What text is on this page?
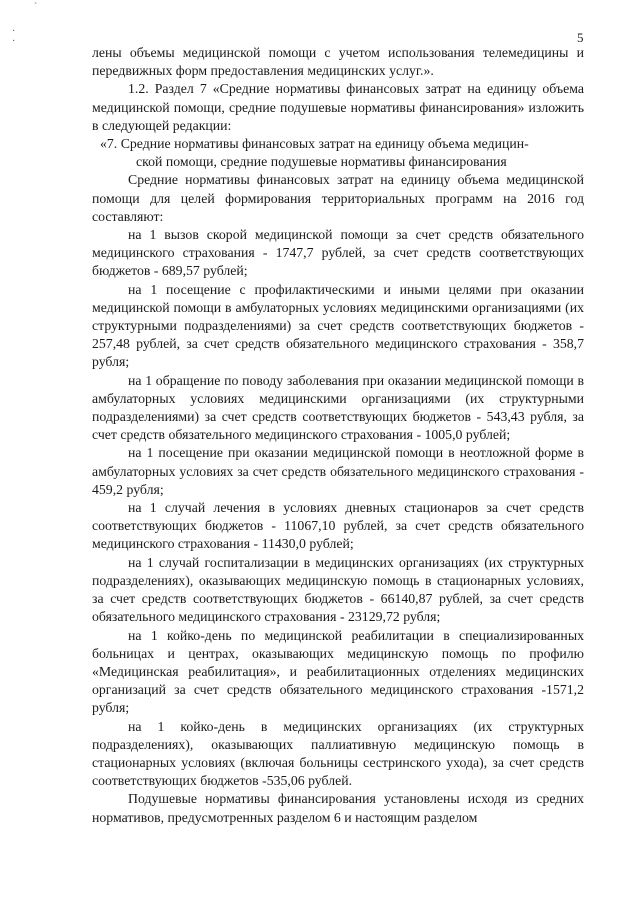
`
·
·	5

лены объемы медицинской помощи с учетом использования телемедицины и передвижных форм предоставления медицинских услуг.».

1.2. Раздел 7 «Средние нормативы финансовых затрат на единицу объема медицинской помощи, средние подушевые нормативы финансирования» изложить в следующей редакции:

«7. Средние нормативы финансовых затрат на единицу объема медицин-
ской помощи, средние подушевые нормативы финансирования

Средние нормативы финансовых затрат на единицу объема медицинской помощи для целей формирования территориальных программ на 2016 год составляют:

на 1 вызов скорой медицинской помощи за счет средств обязательного медицинского страхования - 1747,7 рублей, за счет средств соответствующих бюджетов - 689,57 рублей;

на 1 посещение с профилактическими и иными целями при оказании медицинской помощи в амбулаторных условиях медицинскими организациями (их структурными подразделениями) за счет средств соответствующих бюджетов - 257,48 рублей, за счет средств обязательного медицинского страхования - 358,7 рубля;

на 1 обращение по поводу заболевания при оказании медицинской помощи в амбулаторных условиях медицинскими организациями (их структурными подразделениями) за счет средств соответствующих бюджетов - 543,43 рубля, за счет средств обязательного медицинского страхования - 1005,0 рублей;

на 1 посещение при оказании медицинской помощи в неотложной форме в амбулаторных условиях за счет средств обязательного медицинского страхования - 459,2 рубля;

на 1 случай лечения в условиях дневных стационаров за счет средств соответствующих бюджетов - 11067,10 рублей, за счет средств обязательного медицинского страхования - 11430,0 рублей;

на 1 случай госпитализации в медицинских организациях (их структурных подразделениях), оказывающих медицинскую помощь в стационарных условиях, за счет средств соответствующих бюджетов - 66140,87 рублей, за счет средств обязательного медицинского страхования - 23129,72 рубля;

на 1 койко-день по медицинской реабилитации в специализированных больницах и центрах, оказывающих медицинскую помощь по профилю «Медицинская реабилитация», и реабилитационных отделениях медицинских организаций за счет средств обязательного медицинского страхования -1571,2 рубля;

на 1 койко-день в медицинских организациях (их структурных подразделениях), оказывающих паллиативную медицинскую помощь в стационарных условиях (включая больницы сестринского ухода), за счет средств соответствующих бюджетов -535,06 рублей.

Подушевые нормативы финансирования установлены исходя из средних нормативов, предусмотренных разделом 6 и настоящим разделом
